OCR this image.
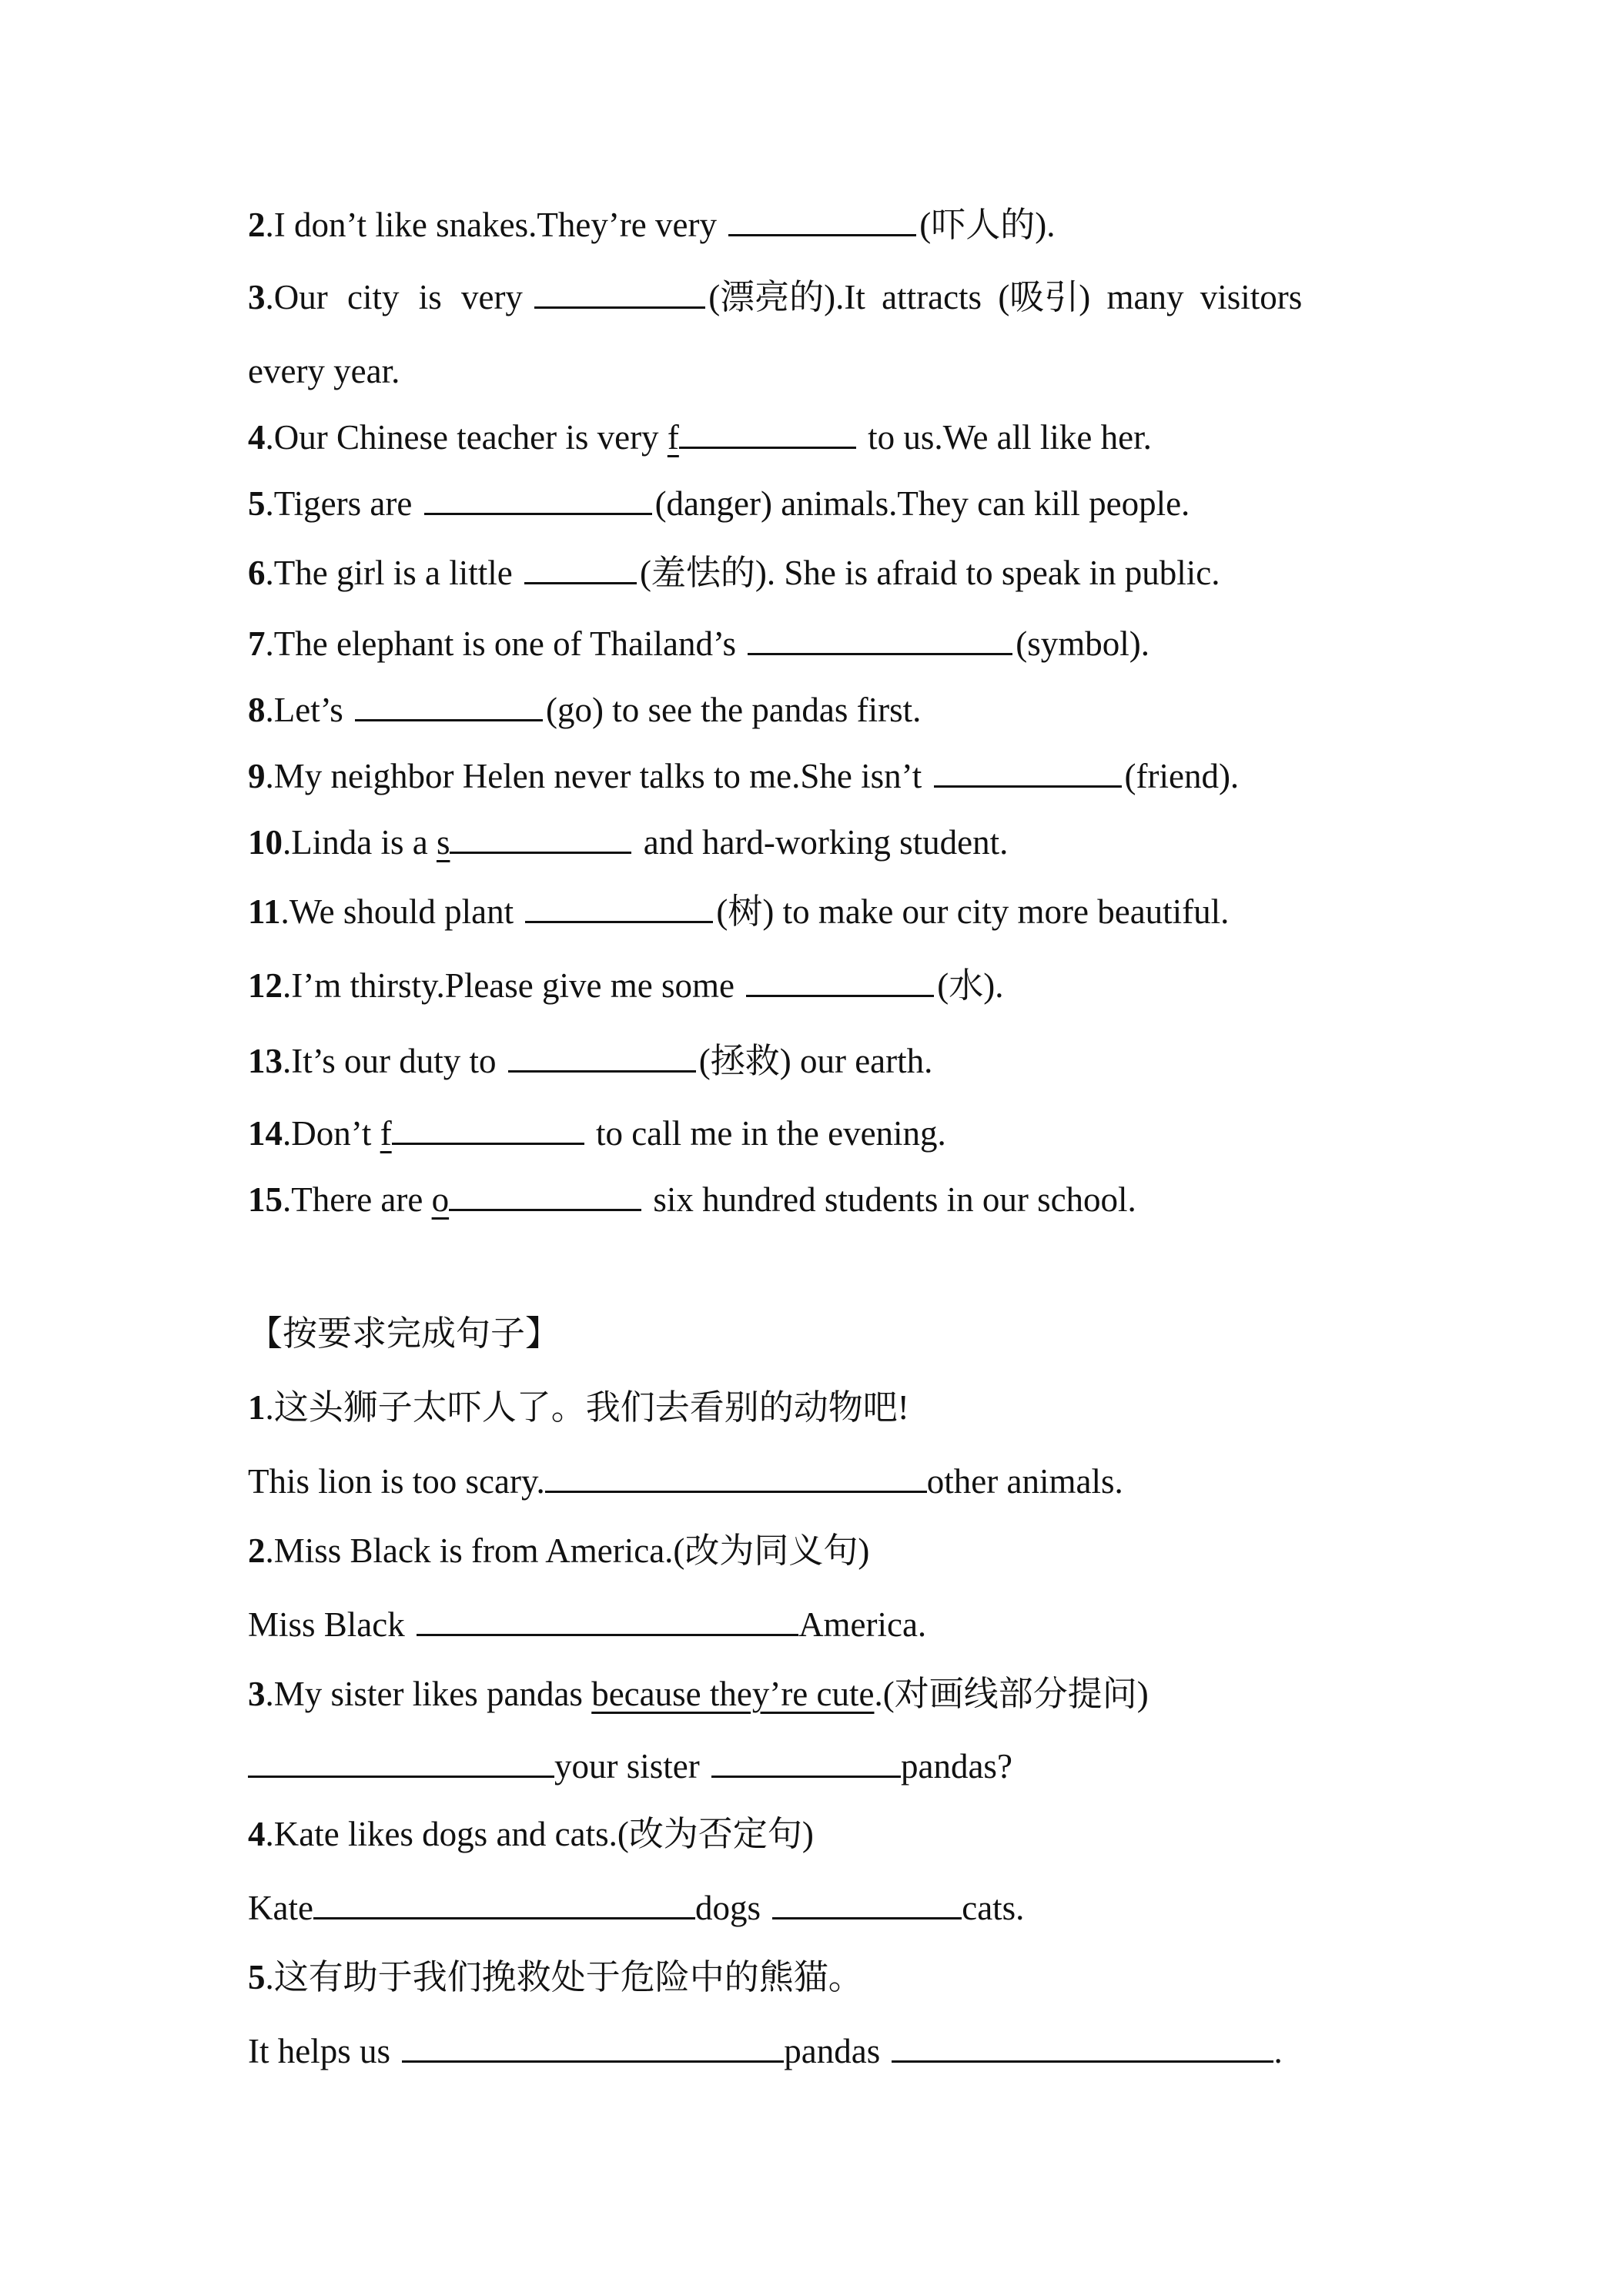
2.I don’t like snakes.They’re very	(吓人的).
3.Our city is very	(漂亮的).It attracts (吸引) many visitors
every year.
4.Our Chinese teacher is very f	to us.We all like her.
5.Tigers are	(danger) animals.They can kill people.
6.The girl is a little	(羞怯的). She is afraid to speak in public.
7.The elephant is one of Thailand’s	(symbol).
8.Let’s	(go) to see the pandas first.
9.My neighbor Helen never talks to me.She isn’t	(friend).
10.Linda is a s	and hard-working student.
11.We should plant	(树) to make our city more beautiful.
12.I’m thirsty.Please give me some	(水).
13.It’s our duty to	(拯救) our earth.
14.Don’t f	to call me in the evening.
15.There are o	six hundred students in our school.
【按要求完成句子】
1.这头狮子太吓人了。我们去看别的动物吧!
This lion is too scary.	other animals.
2.Miss Black is from America.(改为同义句)
Miss Black	America.
3.My sister likes pandas because they’re cute.(对画线部分提问)
your sister	pandas?
4.Kate likes dogs and cats.(改为否定句)
Kate	dogs	cats.
5.这有助于我们挽救处于危险中的熊猫。
It helps us	pandas	.
